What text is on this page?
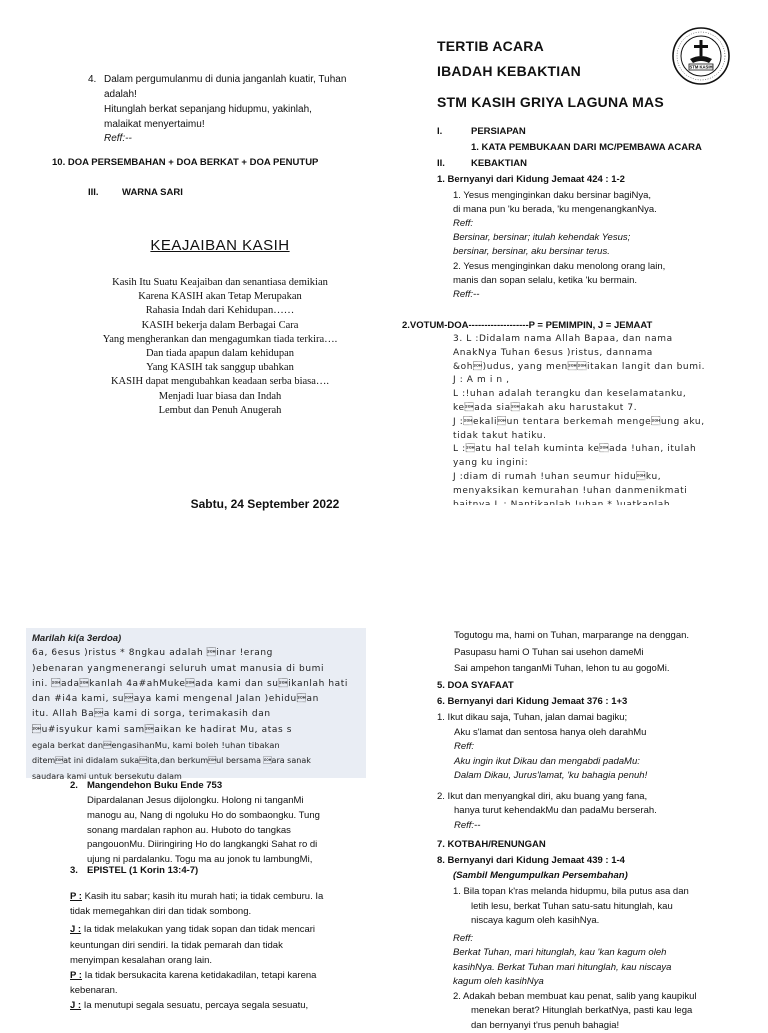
4. Dalam pergumulanmu di dunia janganlah kuatir, Tuhan
adalah!
Hitunglah berkat sepanjang hidupmu, yakinlah,
malaikat menyertaimu!
Reff:--
10. DOA PERSEMBAHAN + DOA BERKAT + DOA PENUTUP
III. WARNA SARI
KEAJAIBAN KASIH
Kasih Itu Suatu Keajaiban dan senantiasa demikian
Karena KASIH akan Tetap Merupakan
Rahasia Indah dari Kehidupan……
KASIH bekerja dalam Berbagai Cara
Yang mengherankan dan mengagumkan tiada terkira….
Dan tiada apapun dalam kehidupan
Yang KASIH tak sanggup ubahkan
KASIH dapat mengubahkan keadaan serba biasa….
Menjadi luar biasa dan Indah
Lembut dan Penuh Anugerah
TERTIB ACARA
IBADAH KEBAKTIAN
STM KASIH GRIYA LAGUNA MAS
STM KASIH
I.	PERSIAPAN
1. KATA PEMBUKAAN DARI MC/PEMBAWA ACARA
II.	KEBAKTIAN
1. Bernyanyi dari Kidung Jemaat 424 : 1-2
1. Yesus menginginkan daku bersinar bagiNya,
di mana pun 'ku berada, 'ku mengenangkanNya.
Reff:
Bersinar, bersinar; itulah kehendak Yesus;
bersinar, bersinar, aku bersinar terus.
2. Yesus menginginkan daku menolong orang lain,
manis dan sopan selalu, ketika 'ku bermain.
Reff:--
2.VOTUM-DOA-------------------P = PEMIMPIN, J = JEMAAT
3. L :Didalam nama Allah Bapaa, dan nama
AnakNya Tuhan 6esus )ristus, dannama
&oh)udus, yang menitakan langit dan bumi.
J : A m i n ,
L :!uhan adalah terangku dan keselamatanku,
keada siaakah aku harustakut 7.
J :ekaliun tentara berkemah mengeung aku,
tidak takut hatiku.
L :atu hal telah kuminta keada !uhan, itulah
yang ku ingini:
J :diam di rumah !uhan seumur hiduku,
menyaksikan kemurahan !uhan danmenikmati
Sabtu, 24 September 2022
Marilah ki(a 3erdoa)
6a, 6esus )ristus * 8ngkau adalah inar !erang
)ebenaran yangmenerangi seluruh umat manusia di bumi
ini. adakanlah 4a#ahMukeada kami dan suikanlah hati
dan #i4a kami, suaya kami mengenal Jalan )ehiduan
itu. Allah Baa kami di sorga, terimakasih dan
u#isyukur kami samaikan ke hadirat Mu, atas s
egala berkat danengasihanMu, kami boleh !uhan tibakan
ditemat ini didalam sukaita,dan berkumul bersama ara sanak
saudara kami untuk bersekutu dalam
2. Mangendehon Buku Ende 753
Dipardalanan Jesus dijolongku. Holong ni tanganMi
manogu au, Nang di ngoluku Ho do sombaongku. Tung
sonang mardalan raphon au. Huboto do tangkas
pangouonMu. Diiringiring Ho do langkangki Sahat ro di
ujung ni pardalanku. Togu ma au jonok tu lambungMi,
3. EPISTEL (1 Korin 13:4-7)
P : Kasih itu sabar; kasih itu murah hati; ia tidak cemburu. Ia
tidak memegahkan diri dan tidak sombong.
J : Ia tidak melakukan yang tidak sopan dan tidak mencari
keuntungan diri sendiri. Ia tidak pemarah dan tidak
menyimpan kesalahan orang lain.
P : Ia tidak bersukacita karena ketidakadilan, tetapi karena
kebenaran.
J : Ia menutupi segala sesuatu, percaya segala sesuatu,
Togutogu ma, hami on Tuhan, marparange na denggan.
Pasupasu hami O Tuhan sai usehon dameMi
Sai ampehon tanganMi Tuhan, lehon tu au gogoMi.
5. DOA SYAFAAT
6. Bernyanyi dari Kidung Jemaat 376 : 1+3
1. Ikut dikau saja, Tuhan, jalan damai bagiku;
Aku s'lamat dan sentosa hanya oleh darahMu
Reff:
Aku ingin ikut Dikau dan mengabdi padaMu:
Dalam Dikau, Jurus'lamat, 'ku bahagia penuh!
2. Ikut dan menyangkal diri, aku buang yang fana,
hanya turut kehendakMu dan padaMu berserah.
Reff:--
7. KOTBAH/RENUNGAN
8. Bernyanyi dari Kidung Jemaat 439 : 1-4
(Sambil Mengumpulkan Persembahan)
1. Bila topan k'ras melanda hidupmu, bila putus asa dan
letih lesu, berkat Tuhan satu-satu hitunglah, kau
niscaya kagum oleh kasihNya.
Reff:
Berkat Tuhan, mari hitunglah, kau 'kan kagum oleh
kasihNya. Berkat Tuhan mari hitunglah, kau niscaya
kagum oleh kasihNya
2. Adakah beban membuat kau penat, salib yang kaupikul
menekan berat? Hitunglah berkatNya, pasti kau lega
dan bernyanyi t'rus penuh bahagia!
